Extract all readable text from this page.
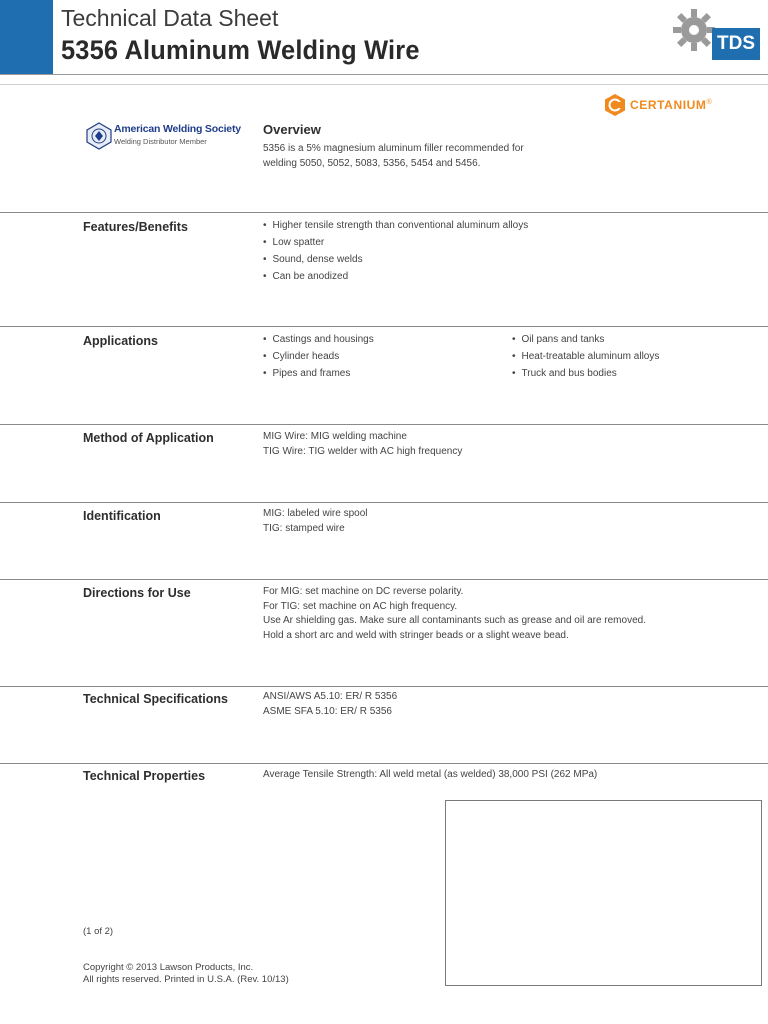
Technical Data Sheet
5356 Aluminum Welding Wire	TDS
American Welding Society
Welding Distributor Member
CERTANIUM®
Overview
5356 is a 5% magnesium aluminum filler recommended for
welding 5050, 5052, 5083, 5356, 5454 and 5456.
Features/Benefits	• Higher tensile strength than conventional aluminum alloys
• Low spatter
• Sound, dense welds
• Can be anodized
Applications	• Castings and housings
• Cylinder heads
• Pipes and frames
• Oil pans and tanks
• Heat-treatable aluminum alloys
• Truck and bus bodies
Method of Application	MIG Wire: MIG welding machine
TIG Wire: TIG welder with AC high frequency
Identification	MIG: labeled wire spool
TIG: stamped wire
Directions for Use	For MIG: set machine on DC reverse polarity.
For TIG: set machine on AC high frequency.
Use Ar shielding gas. Make sure all contaminants such as grease and oil are removed.
Hold a short arc and weld with stringer beads or a slight weave bead.
Technical Specifications	ANSI/AWS A5.10: ER/ R 5356
ASME SFA 5.10: ER/ R 5356
Technical Properties	Average Tensile Strength: All weld metal (as welded) 38,000 PSI (262 MPa)
(1 of 2)
Copyright © 2013 Lawson Products, Inc.
All rights reserved. Printed in U.S.A. (Rev. 10/13)
